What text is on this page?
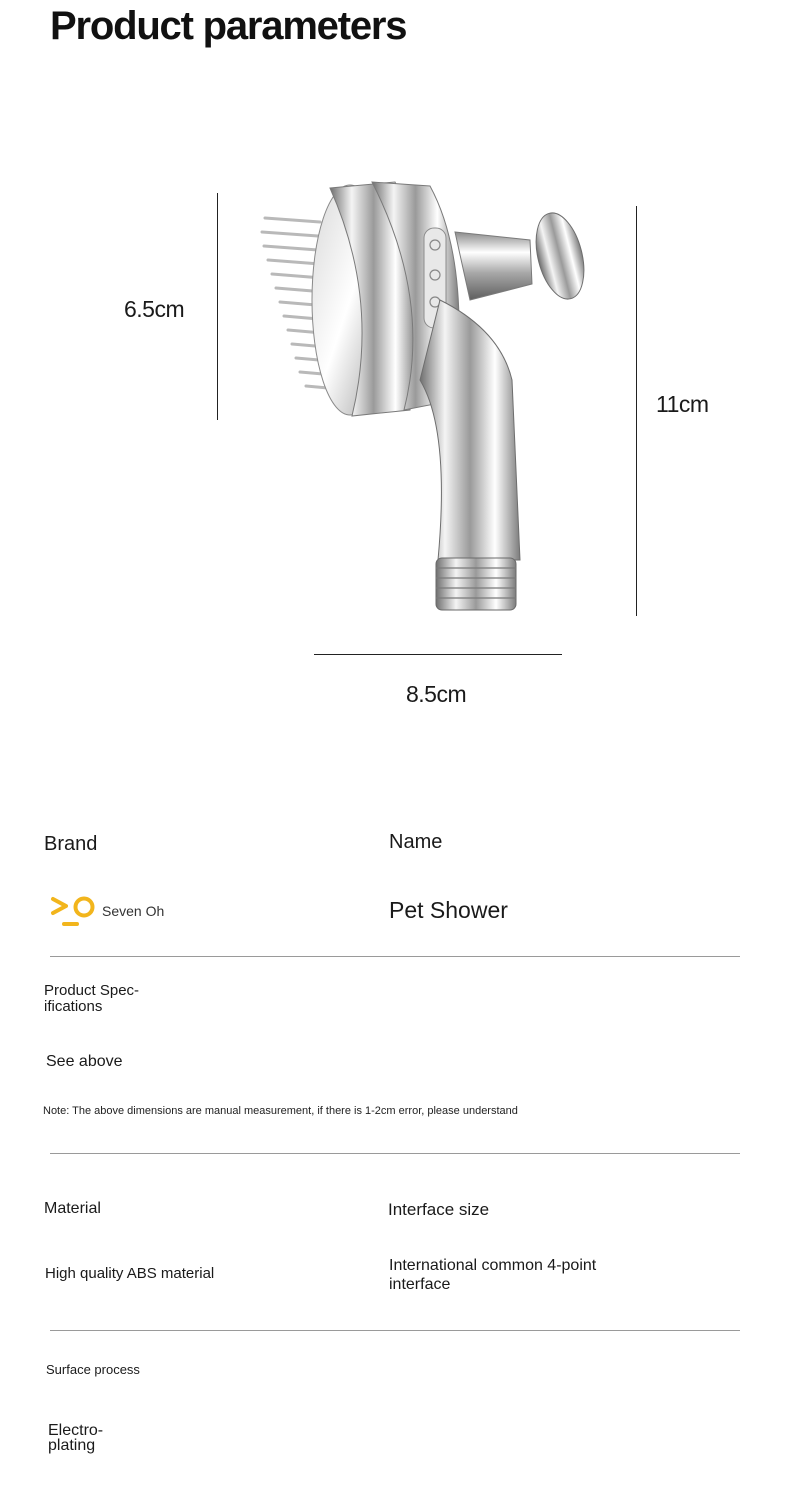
Product parameters
6.5cm
11cm
8.5cm
Brand	Name
Seven Oh	Pet Shower
Product Spec-
ifications
See above
Note: The above dimensions are manual measurement, if there is 1-2cm error, please understand
Material	Interface size
High quality ABS material	International common 4-point
interface
Surface process
Electro-
plating
